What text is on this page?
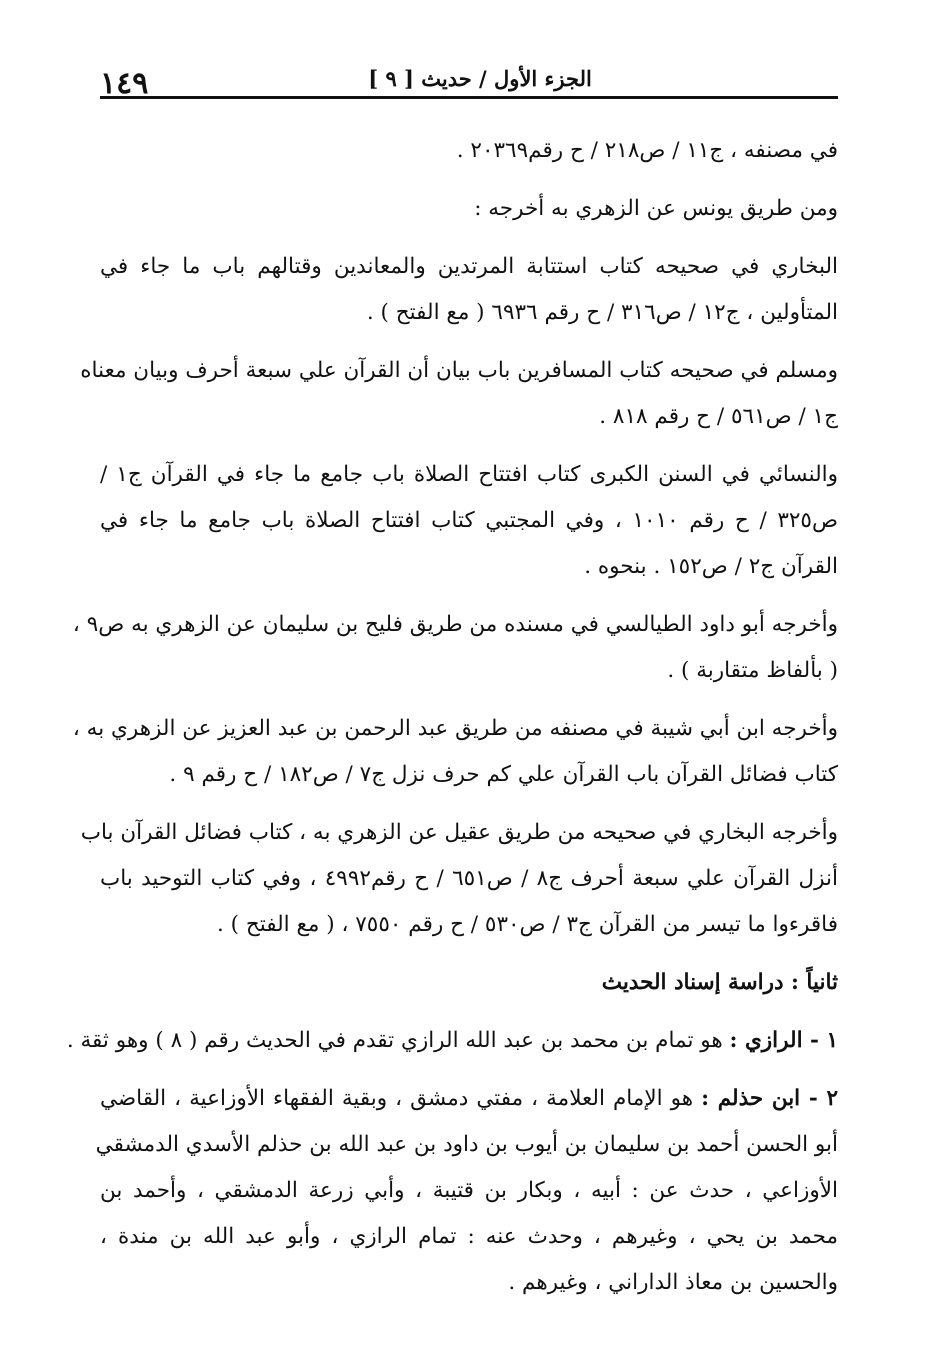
١٤٩	الجزء الأول / حديث [ ٩ ]

في مصنفه ، ج١١ / ص٢١٨ / ح رقم٢٠٣٦٩ .

ومن طريق يونس عن الزهري به أخرجه :

البخاري في صحيحه كتاب استتابة المرتدين والمعاندين وقتالهم باب ما جاء في
المتأولين ، ج١٢ / ص٣١٦ / ح رقم ٦٩٣٦ ( مع الفتح ) .

ومسلم في صحيحه كتاب المسافرين باب بيان أن القرآن علي سبعة أحرف وبيان معناه
ج١ / ص٥٦١ / ح رقم ٨١٨ .

والنسائي في السنن الكبرى كتاب افتتاح الصلاة باب جامع ما جاء في القرآن ج١ /
ص٣٢٥ / ح رقم ١٠١٠ ، وفي المجتبي كتاب افتتاح الصلاة باب جامع ما جاء في
القرآن ج٢ / ص١٥٢ . بنحوه .

وأخرجه أبو داود الطيالسي في مسنده من طريق فليح بن سليمان عن الزهري به ص٩ ،
( بألفاظ متقاربة ) .

وأخرجه ابن أبي شيبة في مصنفه من طريق عبد الرحمن بن عبد العزيز عن الزهري به ،
كتاب فضائل القرآن باب القرآن علي كم حرف نزل ج٧ / ص١٨٢ / ح رقم ٩ .

وأخرجه البخاري في صحيحه من طريق عقيل عن الزهري به ، كتاب فضائل القرآن باب
أنزل القرآن علي سبعة أحرف ج٨ / ص٦٥١ / ح رقم٤٩٩٢ ، وفي كتاب التوحيد باب
فاقرءوا ما تيسر من القرآن ج٣ / ص٥٣٠ / ح رقم ٧٥٥٠ ، ( مع الفتح ) .

ثانياً : دراسة إسناد الحديث

١ - الرازي : هو تمام بن محمد بن عبد الله الرازي تقدم في الحديث رقم ( ٨ ) وهو ثقة .

٢ - ابن حذلم : هو الإمام العلامة ، مفتي دمشق ، وبقية الفقهاء الأوزاعية ، القاضي
أبو الحسن أحمد بن سليمان بن أيوب بن داود بن عبد الله بن حذلم الأسدي الدمشقي
الأوزاعي ، حدث عن : أبيه ، وبكار بن قتيبة ، وأبي زرعة الدمشقي ، وأحمد بن
محمد بن يحي ، وغيرهم ، وحدث عنه : تمام الرازي ، وأبو عبد الله بن مندة ،
والحسين بن معاذ الداراني ، وغيرهم .
